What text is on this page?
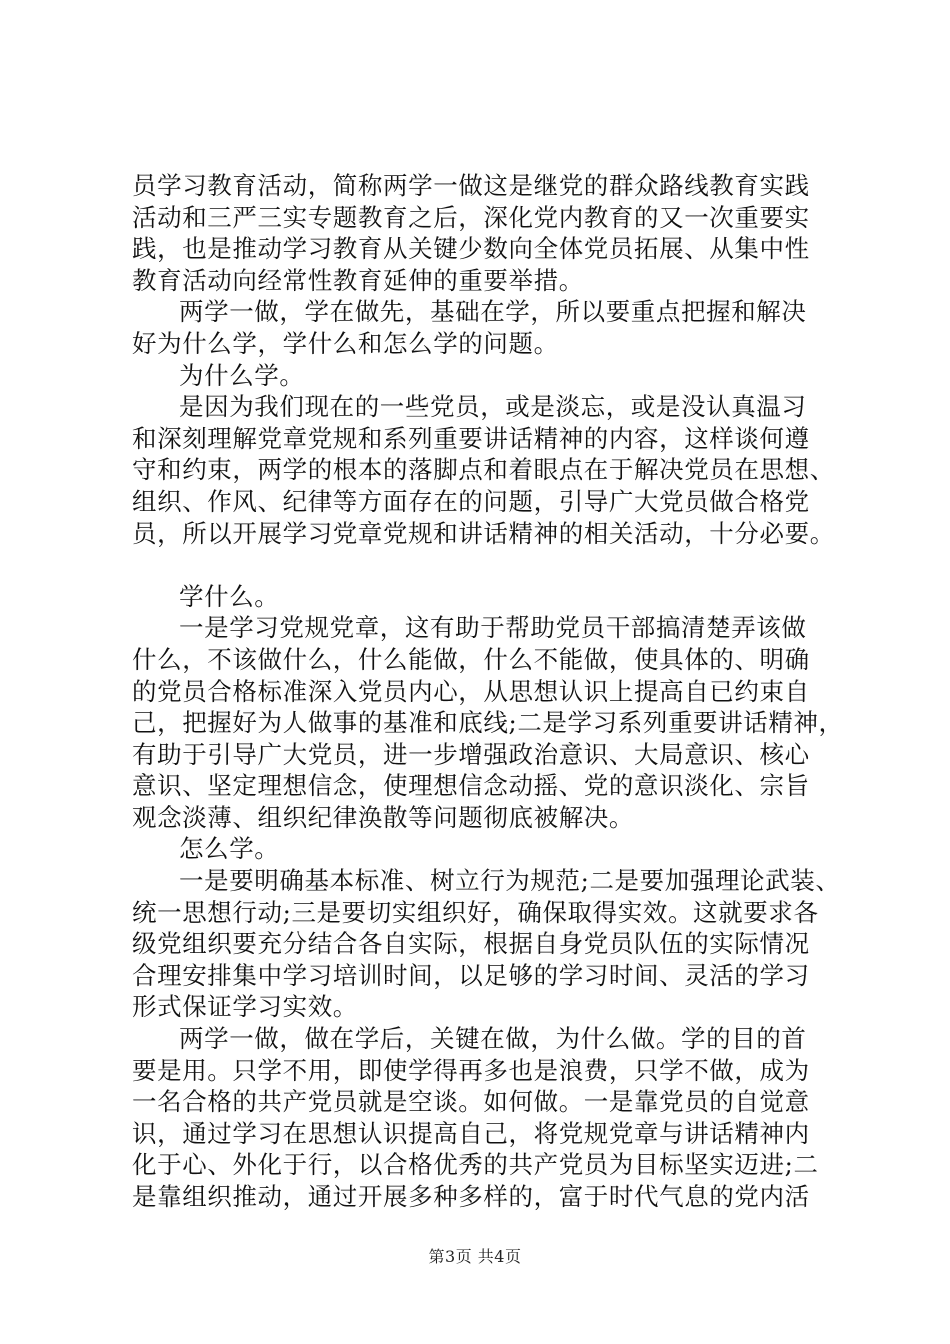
员学习教育活动，简称两学一做这是继党的群众路线教育实践
活动和三严三实专题教育之后，深化党内教育的又一次重要实
践，也是推动学习教育从关键少数向全体党员拓展、从集中性
教育活动向经常性教育延伸的重要举措。
两学一做，学在做先，基础在学，所以要重点把握和解决
好为什么学，学什么和怎么学的问题。
为什么学。
是因为我们现在的一些党员，或是淡忘，或是没认真温习
和深刻理解党章党规和系列重要讲话精神的内容，这样谈何遵
守和约束，两学的根本的落脚点和着眼点在于解决党员在思想、
组织、作风、纪律等方面存在的问题，引导广大党员做合格党
员，所以开展学习党章党规和讲话精神的相关活动，十分必要。
学什么。
一是学习党规党章，这有助于帮助党员干部搞清楚弄该做
什么，不该做什么，什么能做，什么不能做，使具体的、明确
的党员合格标准深入党员内心，从思想认识上提高自已约束自
己，把握好为人做事的基准和底线;二是学习系列重要讲话精神，
有助于引导广大党员，进一步增强政治意识、大局意识、核心
意识、坚定理想信念，使理想信念动摇、党的意识淡化、宗旨
观念淡薄、组织纪律涣散等问题彻底被解决。
怎么学。
一是要明确基本标准、树立行为规范;二是要加强理论武装、
统一思想行动;三是要切实组织好，确保取得实效。这就要求各
级党组织要充分结合各自实际，根据自身党员队伍的实际情况
合理安排集中学习培训时间，以足够的学习时间、灵活的学习
形式保证学习实效。
两学一做，做在学后，关键在做，为什么做。学的目的首
要是用。只学不用，即使学得再多也是浪费，只学不做，成为
一名合格的共产党员就是空谈。如何做。一是靠党员的自觉意
识，通过学习在思想认识提高自己，将党规党章与讲话精神内
化于心、外化于行，以合格优秀的共产党员为目标坚实迈进;二
是靠组织推动，通过开展多种多样的，富于时代气息的党内活
第3页 共4页
